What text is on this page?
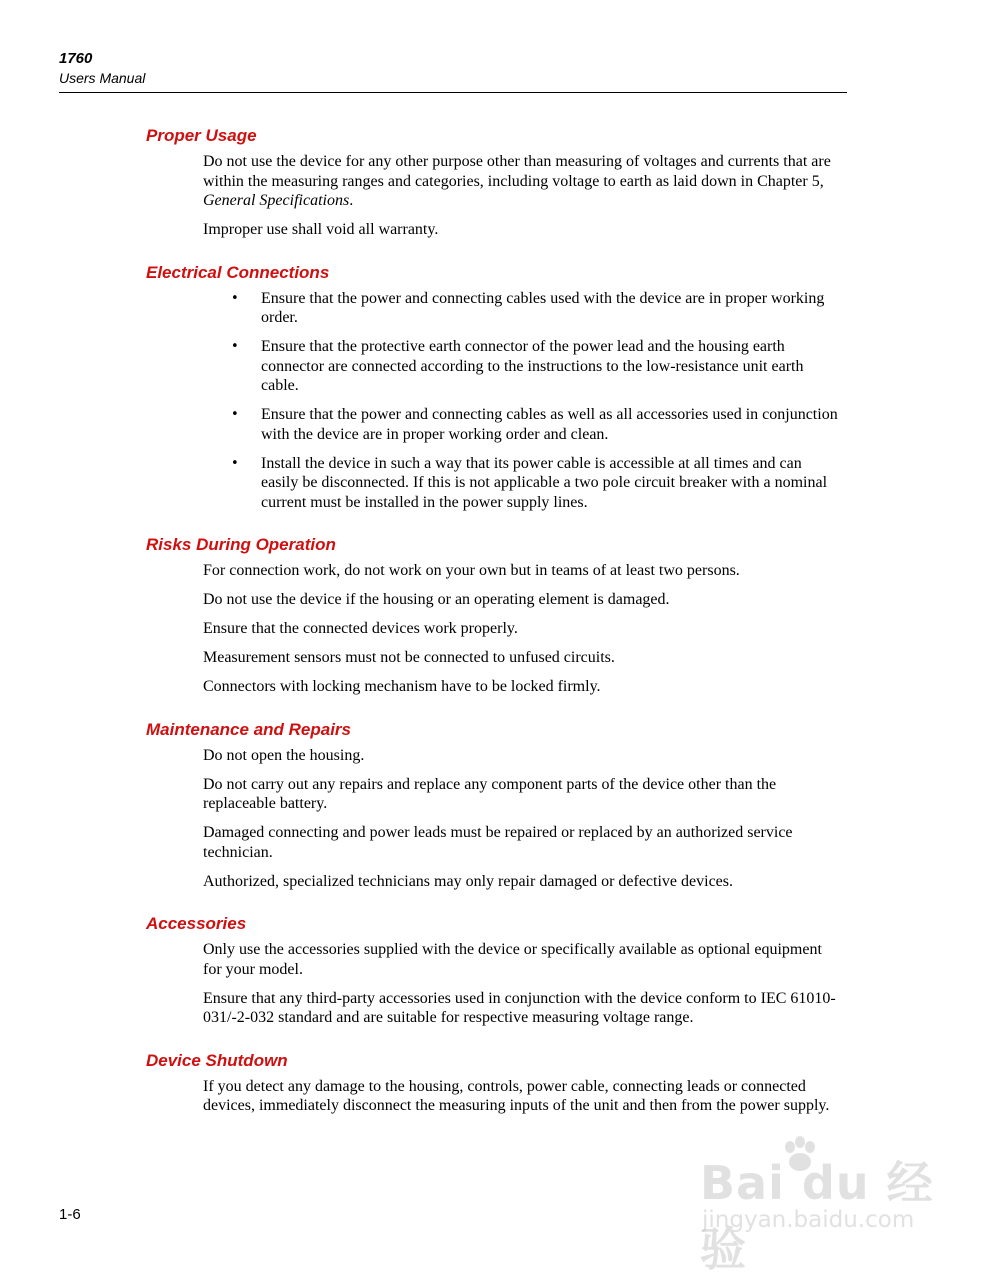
1760
Users Manual
Proper Usage

Do not use the device for any other purpose other than measuring of voltages and currents that are within the measuring ranges and categories, including voltage to earth as laid down in Chapter 5, General Specifications.

Improper use shall void all warranty.

Electrical Connections
• Ensure that the power and connecting cables used with the device are in proper working order.
• Ensure that the protective earth connector of the power lead and the housing earth connector are connected according to the instructions to the low-resistance unit earth cable.
• Ensure that the power and connecting cables as well as all accessories used in conjunction with the device are in proper working order and clean.
• Install the device in such a way that its power cable is accessible at all times and can easily be disconnected. If this is not applicable a two pole circuit breaker with a nominal current must be installed in the power supply lines.
Risks During Operation

For connection work, do not work on your own but in teams of at least two persons.

Do not use the device if the housing or an operating element is damaged.

Ensure that the connected devices work properly.

Measurement sensors must not be connected to unfused circuits.

Connectors with locking mechanism have to be locked firmly.

Maintenance and Repairs

Do not open the housing.

Do not carry out any repairs and replace any component parts of the device other than the replaceable battery.

Damaged connecting and power leads must be repaired or replaced by an authorized service technician.

Authorized, specialized technicians may only repair damaged or defective devices.

Accessories

Only use the accessories supplied with the device or specifically available as optional equipment for your model.

Ensure that any third-party accessories used in conjunction with the device conform to IEC 61010-031/-2-032 standard and are suitable for respective measuring voltage range.

Device Shutdown

If you detect any damage to the housing, controls, power cable, connecting leads or connected devices, immediately disconnect the measuring inputs of the unit and then from the power supply.

1-6
Bai du 经验
jingyan.baidu.com
